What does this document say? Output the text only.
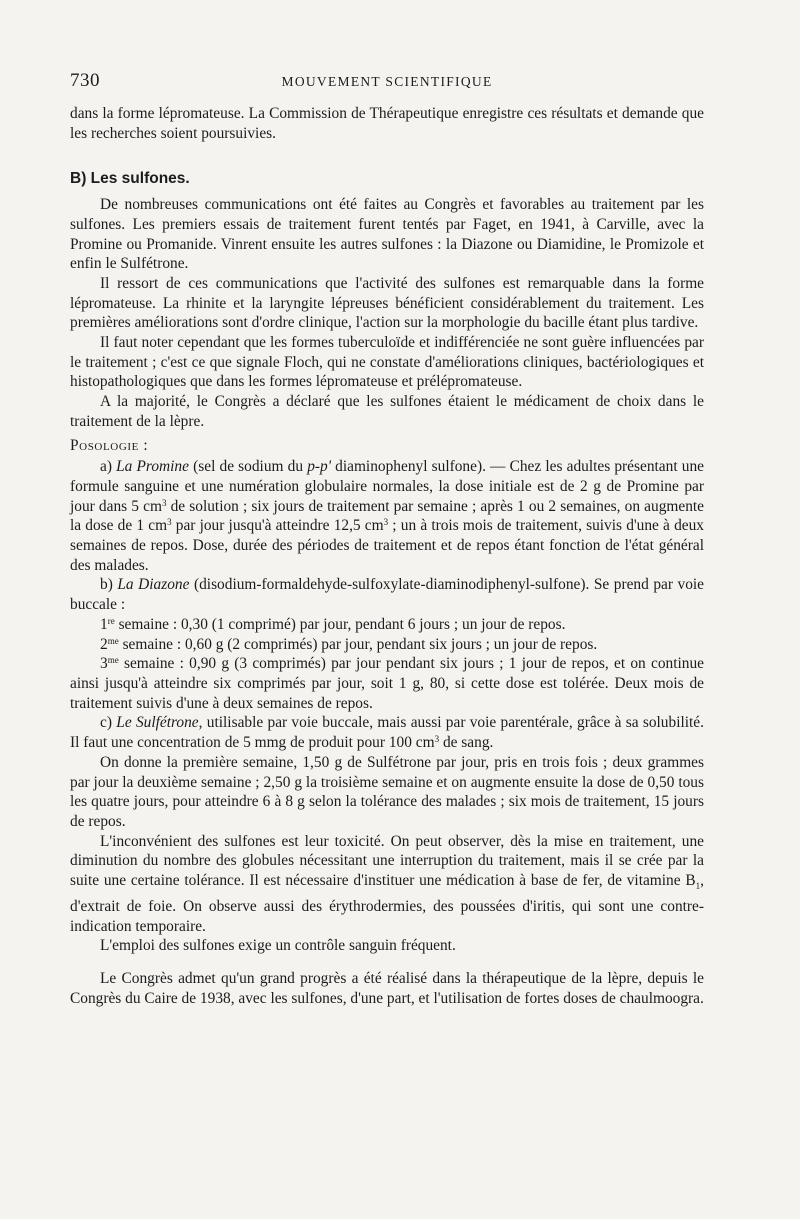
730	MOUVEMENT SCIENTIFIQUE

dans la forme lépromateuse. La Commission de Thérapeutique enregistre ces résultats et demande que les recherches soient poursuivies.

B) Les sulfones.

De nombreuses communications ont été faites au Congrès et favorables au traitement par les sulfones. Les premiers essais de traitement furent tentés par Faget, en 1941, à Carville, avec la Promine ou Promanide. Vinrent ensuite les autres sulfones : la Diazone ou Diamidine, le Promizole et enfin le Sulfétrone.

Il ressort de ces communications que l'activité des sulfones est remarquable dans la forme lépromateuse. La rhinite et la laryngite lépreuses bénéficient considérablement du traitement. Les premières améliorations sont d'ordre clinique, l'action sur la morphologie du bacille étant plus tardive.

Il faut noter cependant que les formes tuberculoïde et indifférenciée ne sont guère influencées par le traitement ; c'est ce que signale Floch, qui ne constate d'améliorations cliniques, bactériologiques et histopathologiques que dans les formes lépromateuse et prélépromateuse.

A la majorité, le Congrès a déclaré que les sulfones étaient le médicament de choix dans le traitement de la lèpre.

Posologie :

a) La Promine (sel de sodium du p-p' diaminophenyl sulfone). — Chez les adultes présentant une formule sanguine et une numération globulaire normales, la dose initiale est de 2 g de Promine par jour dans 5 $cm^3$ de solution ; six jours de traitement par semaine ; après 1 ou 2 semaines, on augmente la dose de 1 $cm^3$ par jour jusqu'à atteindre 12,5 $cm^3$ ; un à trois mois de traitement, suivis d'une à deux semaines de repos. Dose, durée des périodes de traitement et de repos étant fonction de l'état général des malades.

b) La Diazone (disodium-formaldehyde-sulfoxylate-diaminodiphenyl-sulfone). Se prend par voie buccale :

1re semaine : 0,30 (1 comprimé) par jour, pendant 6 jours ; un jour de repos.

$2^{me}$ semaine : 0,60 g (2 comprimés) par jour, pendant six jours ; un jour de repos.

$3^{me}$ semaine : 0,90 g (3 comprimés) par jour pendant six jours ; 1 jour de repos, et on continue ainsi jusqu'à atteindre six comprimés par jour, soit 1 g, 80, si cette dose est tolérée. Deux mois de traitement suivis d'une à deux semaines de repos.

c) Le Sulfétrone, utilisable par voie buccale, mais aussi par voie parentérale, grâce à sa solubilité. Il faut une concentration de 5 mmg de produit pour 100 $cm^3$ de sang.

On donne la première semaine, 1,50 g de Sulfétrone par jour, pris en trois fois ; deux grammes par jour la deuxième semaine ; 2,50 g la troisième semaine et on augmente ensuite la dose de 0,50 tous les quatre jours, pour atteindre 6 à 8 g selon la tolérance des malades ; six mois de traitement, 15 jours de repos.

L'inconvénient des sulfones est leur toxicité. On peut observer, dès la mise en traitement, une diminution du nombre des globules nécessitant une interruption du traitement, mais il se crée par la suite une certaine tolérance. Il est nécessaire d'instituer une médication à base de fer, de vitamine $B_1$, d'extrait de foie. On observe aussi des érythrodermies, des poussées d'iritis, qui sont une contre-indication temporaire.

L'emploi des sulfones exige un contrôle sanguin fréquent.

Le Congrès admet qu'un grand progrès a été réalisé dans la thérapeutique de la lèpre, depuis le Congrès du Caire de 1938, avec les sulfones, d'une part, et l'utilisation de fortes doses de chaulmoogra.
